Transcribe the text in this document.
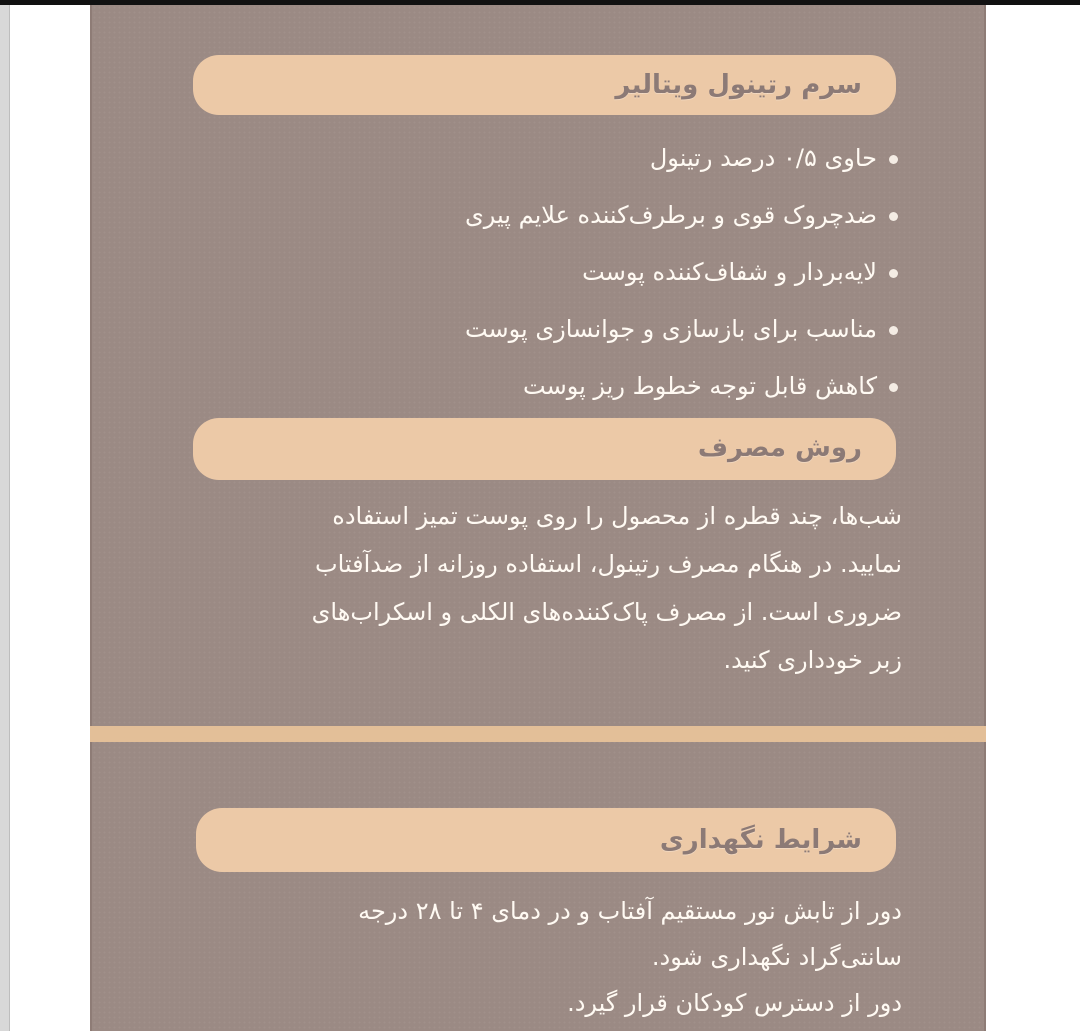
سرم رتینول ویتالیر
حاوی ۰/۵ درصد رتینول
ضدچروک قوی و برطرف‌کننده علایم پیری
لایه‌بردار و شفاف‌کننده پوست
مناسب برای بازسازی و جوانسازی پوست
کاهش قابل توجه خطوط ریز پوست
روش مصرف
شب‌ها، چند قطره از محصول را روی پوست تمیز استفاده
نمایید. در هنگام مصرف رتینول، استفاده روزانه از ضدآفتاب
ضروری است. از مصرف پاک‌کننده‌های الکلی و اسکراب‌های
زبر خودداری کنید.
شرایط نگهداری
دور از تابش نور مستقیم آفتاب و در دمای ۴ تا ۲۸ درجه
سانتی‌گراد نگهداری شود.
دور از دسترس کودکان قرار گیرد.
